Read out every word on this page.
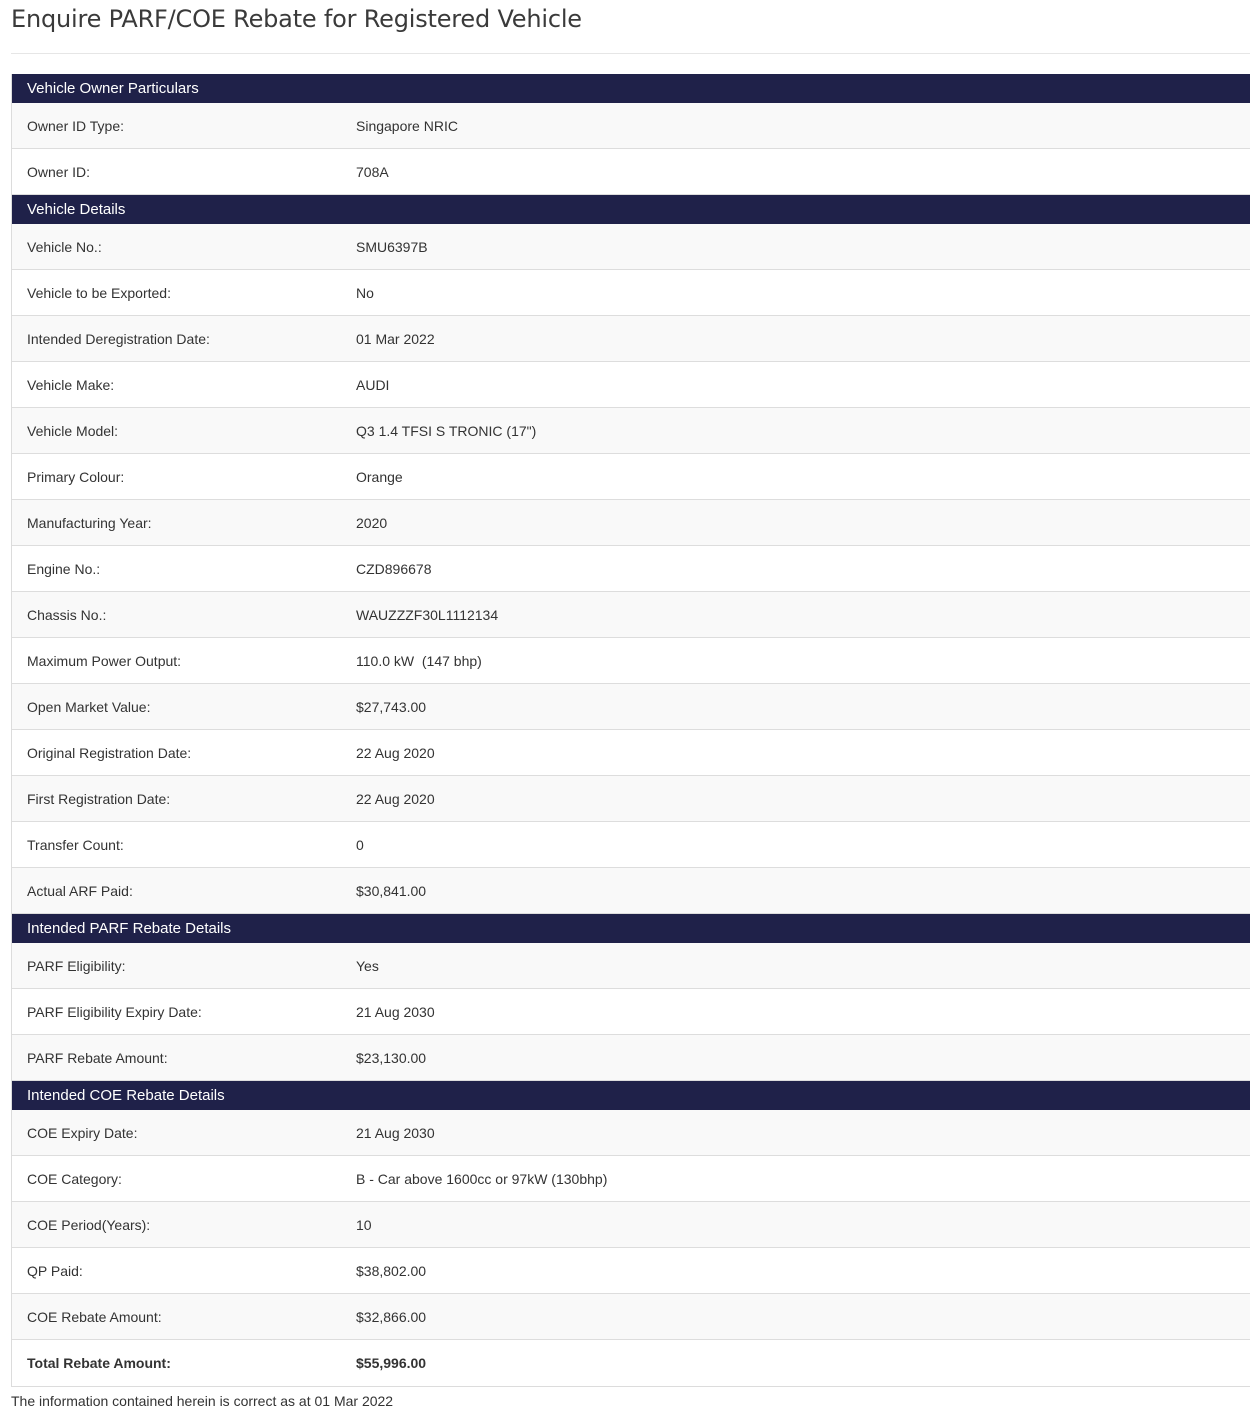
Enquire PARF/COE Rebate for Registered Vehicle
Vehicle Owner Particulars
Owner ID Type:	Singapore NRIC
Owner ID:	708A
Vehicle Details
Vehicle No.:	SMU6397B
Vehicle to be Exported:	No
Intended Deregistration Date:	01 Mar 2022
Vehicle Make:	AUDI
Vehicle Model:	Q3 1.4 TFSI S TRONIC (17")
Primary Colour:	Orange
Manufacturing Year:	2020
Engine No.:	CZD896678
Chassis No.:	WAUZZZF30L1112134
Maximum Power Output:	110.0 kW  (147 bhp)
Open Market Value:	$27,743.00
Original Registration Date:	22 Aug 2020
First Registration Date:	22 Aug 2020
Transfer Count:	0
Actual ARF Paid:	$30,841.00
Intended PARF Rebate Details
PARF Eligibility:	Yes
PARF Eligibility Expiry Date:	21 Aug 2030
PARF Rebate Amount:	$23,130.00
Intended COE Rebate Details
COE Expiry Date:	21 Aug 2030
COE Category:	B - Car above 1600cc or 97kW (130bhp)
COE Period(Years):	10
QP Paid:	$38,802.00
COE Rebate Amount:	$32,866.00
Total Rebate Amount:	$55,996.00
The information contained herein is correct as at 01 Mar 2022
